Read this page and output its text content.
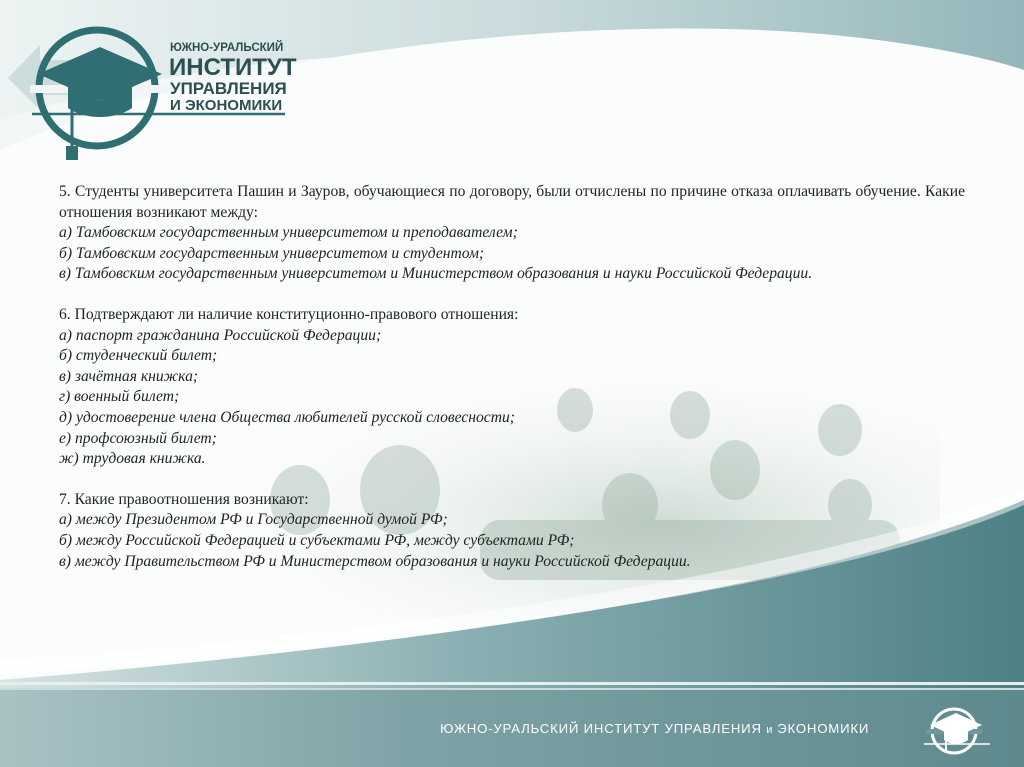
ЮЖНО-УРАЛЬСКИЙ
ИНСТИТУТ
УПРАВЛЕНИЯ
И ЭКОНОМИКИ

5. Студенты университета Пашин и Зауров, обучающиеся по договору, были отчислены по причине отказа оплачивать обучение. Какие отношения возникают между:

а) Тамбовским государственным университетом и преподавателем;

б) Тамбовским государственным университетом и студентом;

в) Тамбовским государственным университетом и Министерством образования и науки Российской Федерации.

6. Подтверждают ли наличие конституционно-правового отношения:

а) паспорт гражданина Российской Федерации;

б) студенческий билет;

в) зачётная книжка;

г) военный билет;

д) удостоверение члена Общества любителей русской словесности;

е) профсоюзный билет;

ж) трудовая книжка.

7. Какие правоотношения возникают:

а) между Президентом РФ и Государственной думой РФ;

б) между Российской Федерацией и субъектами РФ, между субъектами РФ;

в) между Правительством РФ и Министерством образования и науки Российской Федерации.

ЮЖНО-УРАЛЬСКИЙ ИНСТИТУТ УПРАВЛЕНИЯ и ЭКОНОМИКИ
